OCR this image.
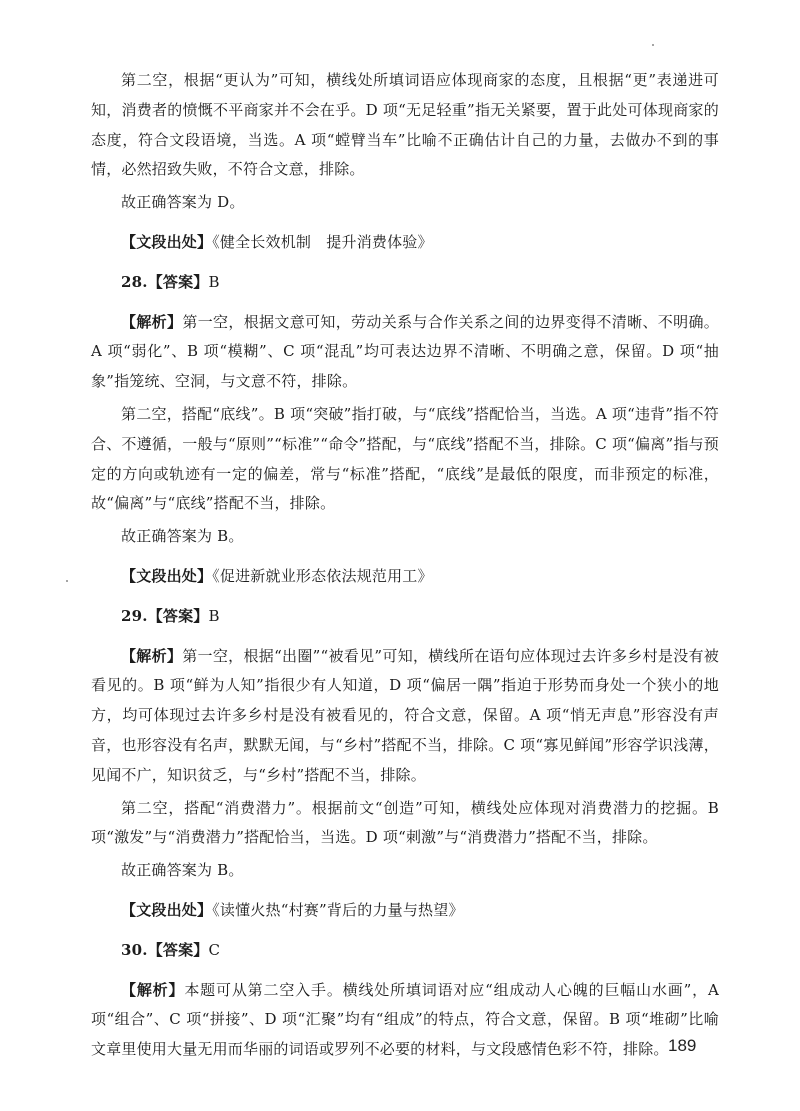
第二空，根据“更认为”可知，横线处所填词语应体现商家的态度，且根据“更”表递进可知，消费者的愤慨不平商家并不会在乎。D 项“无足轻重”指无关紧要，置于此处可体现商家的态度，符合文段语境，当选。A 项“螳臂当车”比喻不正确估计自己的力量，去做办不到的事情，必然招致失败，不符合文意，排除。

故正确答案为 D。

【文段出处】《健全长效机制　提升消费体验》

28.【答案】B

【解析】第一空，根据文意可知，劳动关系与合作关系之间的边界变得不清晰、不明确。A 项“弱化”、B 项“模糊”、C 项“混乱”均可表达边界不清晰、不明确之意，保留。D 项“抽象”指笼统、空洞，与文意不符，排除。

第二空，搭配“底线”。B 项“突破”指打破，与“底线”搭配恰当，当选。A 项“违背”指不符合、不遵循，一般与“原则”“标准”“命令”搭配，与“底线”搭配不当，排除。C 项“偏离”指与预定的方向或轨迹有一定的偏差，常与“标准”搭配，“底线”是最低的限度，而非预定的标准，故“偏离”与“底线”搭配不当，排除。

故正确答案为 B。

【文段出处】《促进新就业形态依法规范用工》

29.【答案】B

【解析】第一空，根据“出圈”“被看见”可知，横线所在语句应体现过去许多乡村是没有被看见的。B 项“鲜为人知”指很少有人知道，D 项“偏居一隅”指迫于形势而身处一个狭小的地方，均可体现过去许多乡村是没有被看见的，符合文意，保留。A 项“悄无声息”形容没有声音，也形容没有名声，默默无闻，与“乡村”搭配不当，排除。C 项“寡见鲜闻”形容学识浅薄，见闻不广，知识贫乏，与“乡村”搭配不当，排除。

第二空，搭配“消费潜力”。根据前文“创造”可知，横线处应体现对消费潜力的挖掘。B 项“激发”与“消费潜力”搭配恰当，当选。D 项“刺激”与“消费潜力”搭配不当，排除。

故正确答案为 B。

【文段出处】《读懂火热“村赛”背后的力量与热望》

30.【答案】C

【解析】本题可从第二空入手。横线处所填词语对应“组成动人心魄的巨幅山水画”，A 项“组合”、C 项“拼接”、D 项“汇聚”均有“组成”的特点，符合文意，保留。B 项“堆砌”比喻文章里使用大量无用而华丽的词语或罗列不必要的材料，与文段感情色彩不符，排除。 189
